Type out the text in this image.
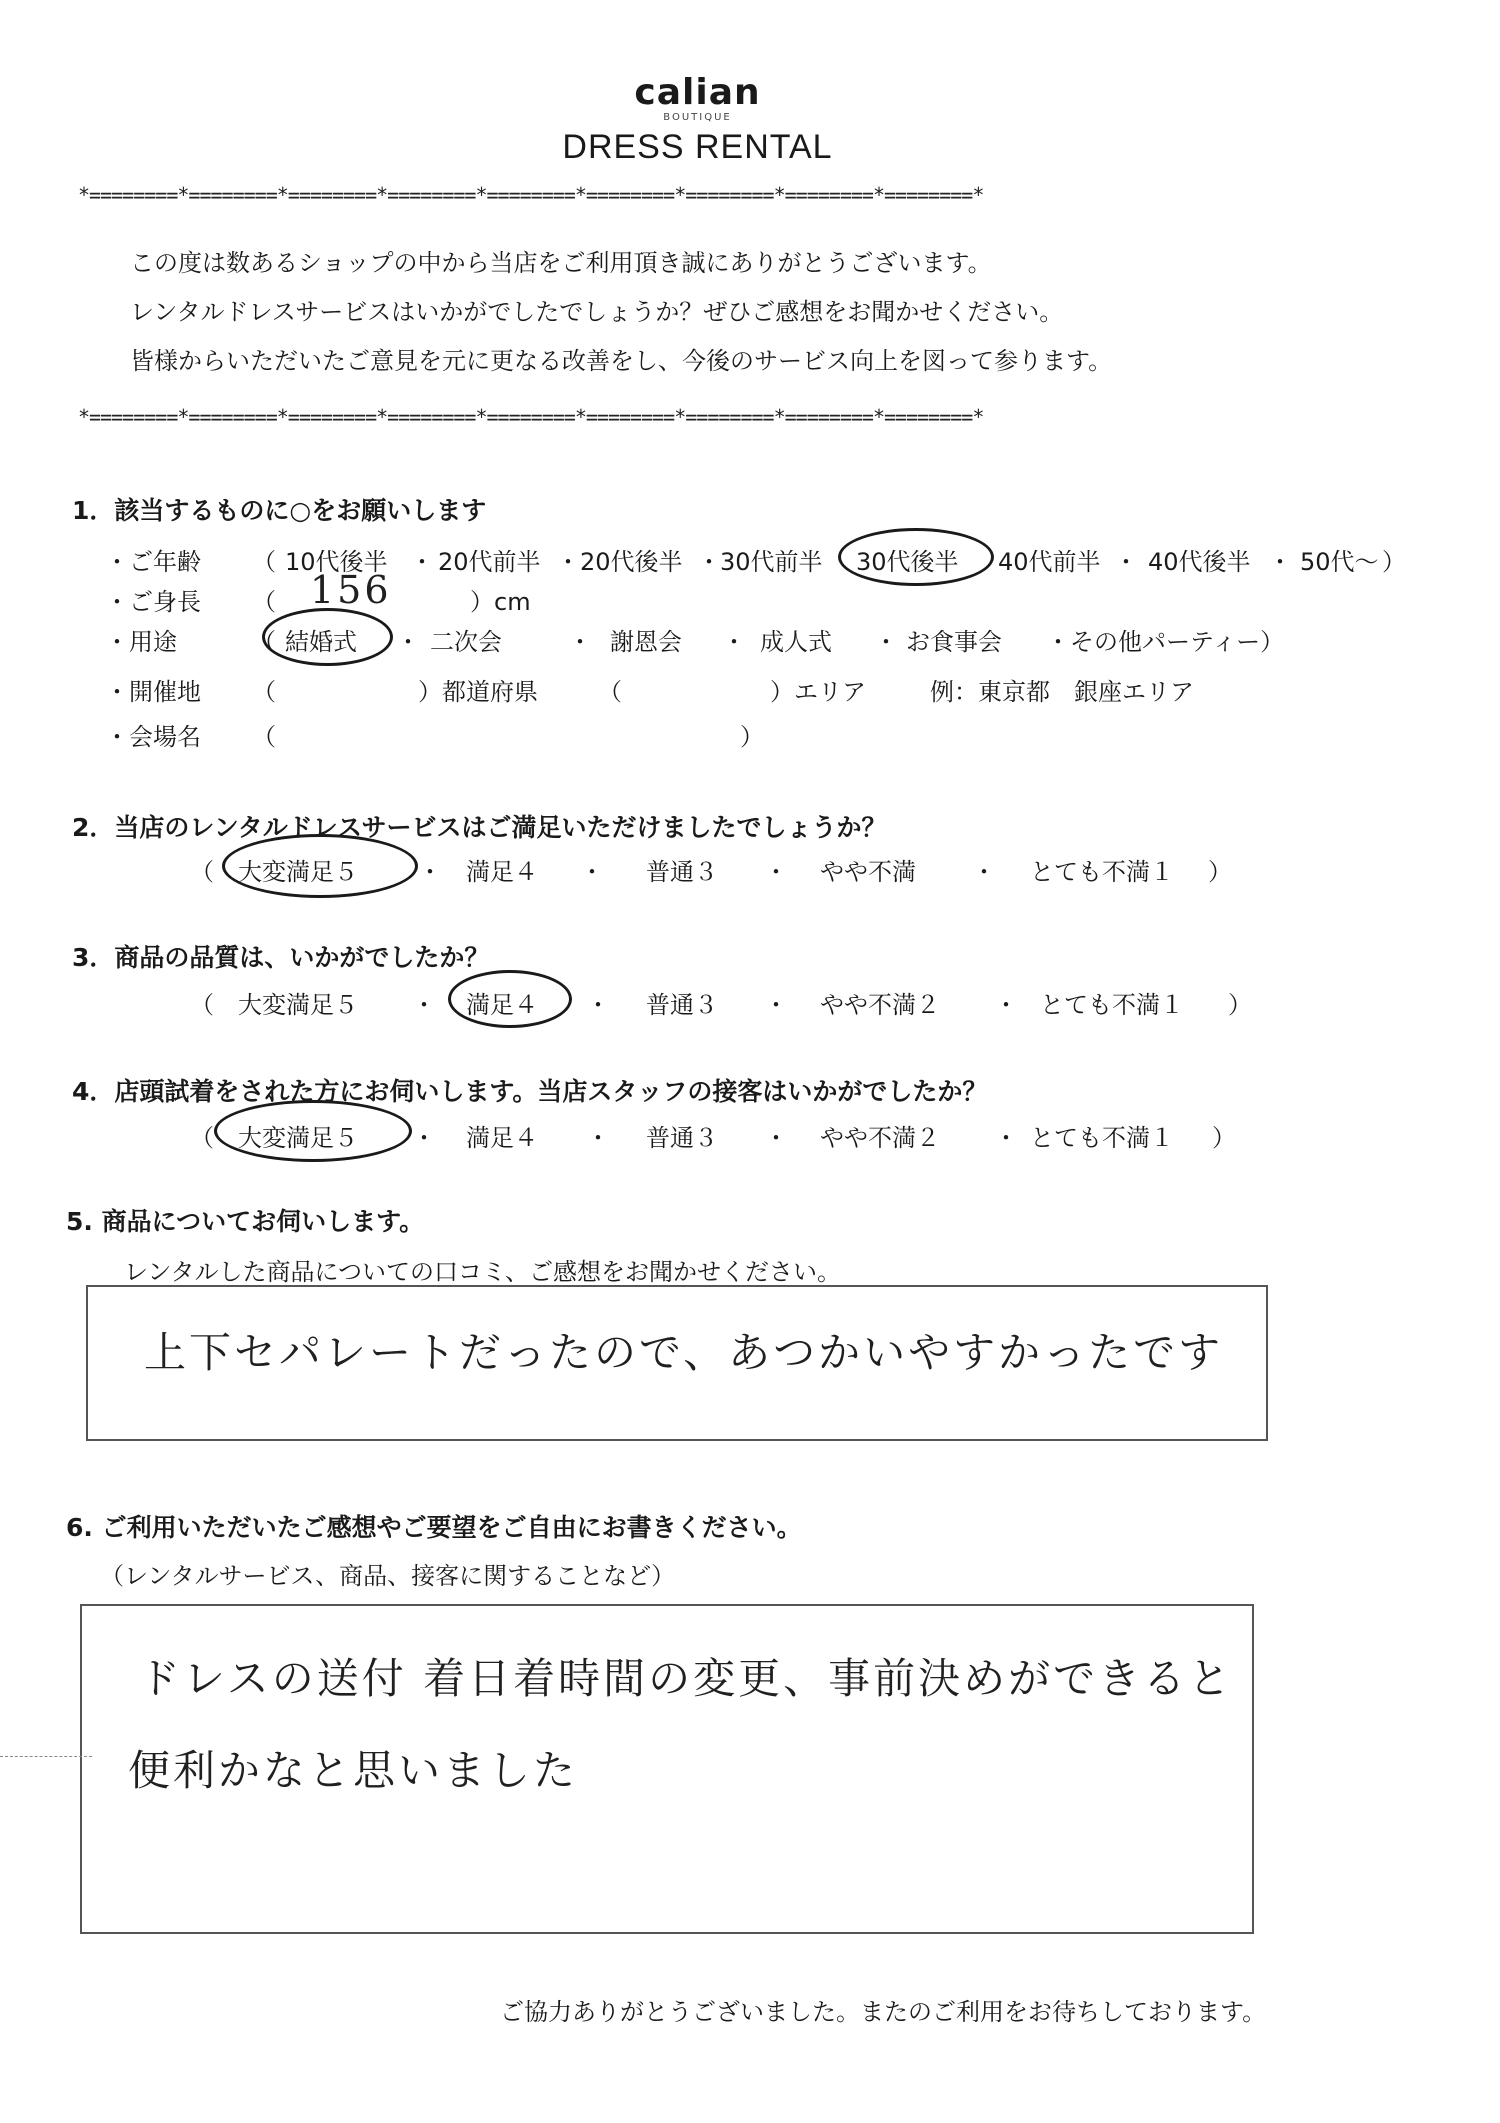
calian
BOUTIQUE
DRESS RENTAL
*========*========*========*========*========*========*========*========*========*
この度は数あるショップの中から当店をご利用頂き誠にありがとうございます。
レンタルドレスサービスはいかがでしたでしょうか？ぜひご感想をお聞かせください。
皆様からいただいたご意見を元に更なる改善をし、今後のサービス向上を図って参ります。
*========*========*========*========*========*========*========*========*========*
1．該当するものに○をお願いします
・ご年齢 （ 10代後半 ・ 20代前半 ・ 20代後半 ・ 30代前半 30代後半 40代前半 ・ 40代後半 ・ 50代～ ）
・ご身長 （ 156	）cm
・用途	（ 結婚式 ・ 二次会	・ 謝恩会 ・ 成人式 ・ お食事会 ・その他パーティー）
・開催地 （	）都道府県	（	）エリア	例：東京都　銀座エリア
・会場名 （	）
2．当店のレンタルドレスサービスはご満足いただけましたでしょうか？
（ 大変満足５	・ 満足４ ・ 普通３ ・ やや不満 ・ とても不満１ ）
3．商品の品質は、いかがでしたか？
（ 大変満足５ ・ 満足４ ・ 普通３ ・ やや不満２ ・ とても不満１ ）
4．店頭試着をされた方にお伺いします。当店スタッフの接客はいかがでしたか？
（ 大変満足５ ・ 満足４ ・ 普通３ ・ やや不満２ ・ とても不満１ ）
5. 商品についてお伺いします。
レンタルした商品についての口コミ、ご感想をお聞かせください。
上下セパレートだったので、あつかいやすかったです
6. ご利用いただいたご感想やご要望をご自由にお書きください。
（レンタルサービス、商品、接客に関することなど）
ドレスの送付 着日着時間の変更、事前決めができると
便利かなと思いました
ご協力ありがとうございました。またのご利用をお待ちしております。
